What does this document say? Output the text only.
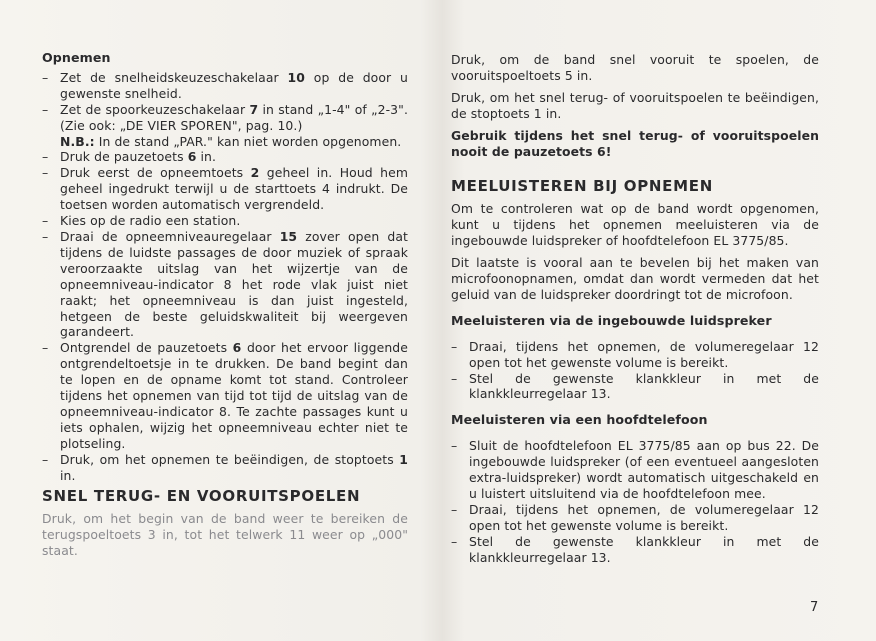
Opnemen
– Zet de snelheidskeuzeschakelaar 10 op de door u gewenste snelheid.
– Zet de spoorkeuzeschakelaar 7 in stand „1-4" of „2-3". (Zie ook: „DE VIER SPOREN", pag. 10.)
N.B.: In de stand „PAR." kan niet worden opgenomen.
– Druk de pauzetoets 6 in.
– Druk eerst de opneemtoets 2 geheel in. Houd hem geheel ingedrukt terwijl u de starttoets 4 indrukt. De toetsen worden automatisch vergrendeld.
– Kies op de radio een station.
– Draai de opneemniveauregelaar 15 zover open dat tijdens de luidste passages de door muziek of spraak veroorzaakte uitslag van het wijzertje van de opneemniveau-indicator 8 het rode vlak juist niet raakt; het opneemniveau is dan juist ingesteld, hetgeen de beste geluidskwaliteit bij weergeven garandeert.
– Ontgrendel de pauzetoets 6 door het ervoor liggende ontgrendeltoetsje in te drukken. De band begint dan te lopen en de opname komt tot stand. Controleer tijdens het opnemen van tijd tot tijd de uitslag van de opneemniveau-indicator 8. Te zachte passages kunt u iets ophalen, wijzig het opneemniveau echter niet te plotseling.
– Druk, om het opnemen te beëindigen, de stoptoets 1 in.
SNEL TERUG- EN VOORUITSPOELEN

Druk, om het begin van de band weer te bereiken de terugspoeltoets 3 in, tot het telwerk 11 weer op „000" staat.

Druk, om de band snel vooruit te spoelen, de vooruitspoeltoets 5 in.

Druk, om het snel terug- of vooruitspoelen te beëindigen, de stoptoets 1 in.

Gebruik tijdens het snel terug- of vooruitspoelen nooit de pauzetoets 6!

MEELUISTEREN BIJ OPNEMEN

Om te controleren wat op de band wordt opgenomen, kunt u tijdens het opnemen meeluisteren via de ingebouwde luidspreker of hoofdtelefoon EL 3775/85.

Dit laatste is vooral aan te bevelen bij het maken van microfoonopnamen, omdat dan wordt vermeden dat het geluid van de luidspreker doordringt tot de microfoon.

Meeluisteren via de ingebouwde luidspreker
– Draai, tijdens het opnemen, de volumeregelaar 12 open tot het gewenste volume is bereikt.
– Stel de gewenste klankkleur in met de klankkleurregelaar 13.
Meeluisteren via een hoofdtelefoon
– Sluit de hoofdtelefoon EL 3775/85 aan op bus 22. De ingebouwde luidspreker (of een eventueel aangesloten extra-luidspreker) wordt automatisch uitgeschakeld en u luistert uitsluitend via de hoofdtelefoon mee.
– Draai, tijdens het opnemen, de volumeregelaar 12 open tot het gewenste volume is bereikt.
– Stel de gewenste klankkleur in met de klankkleurregelaar 13.
7
